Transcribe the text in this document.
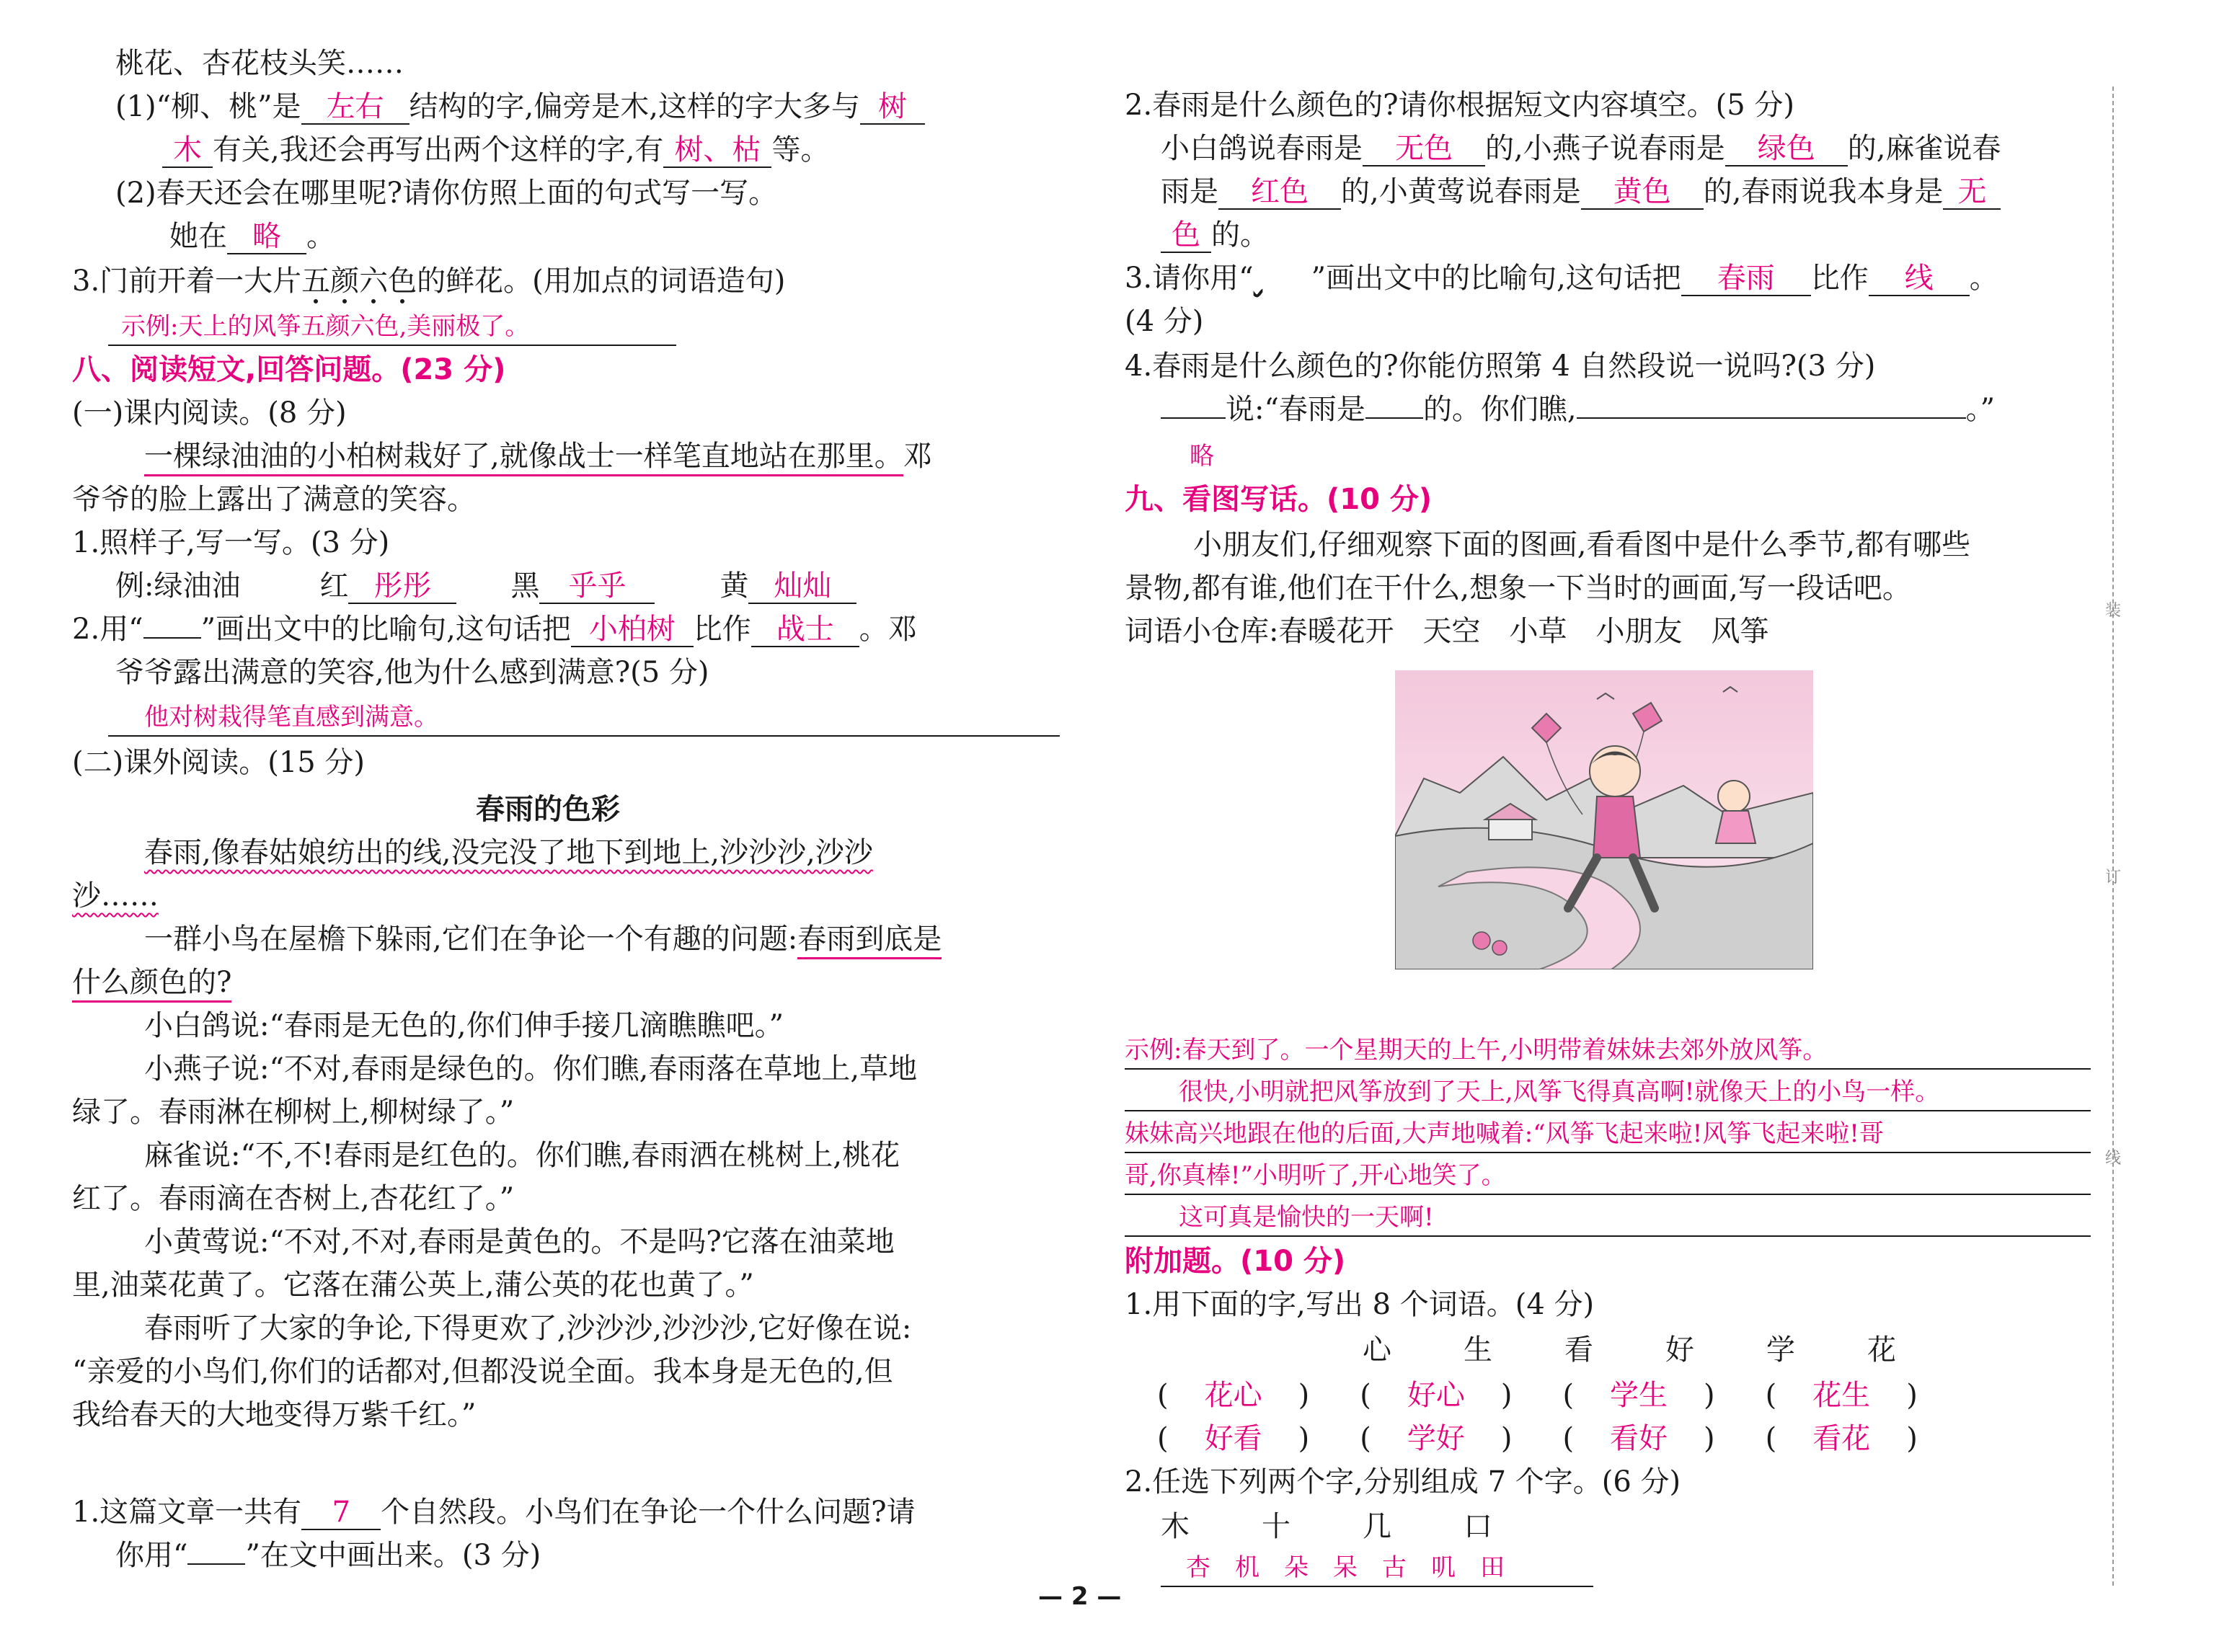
桃花、杏花枝头笑……
(1)“柳、桃”是 左右 结构的字,偏旁是木,这样的字大多与 树
木 有关,我还会再写出两个这样的字,有 树、枯 等。
(2)春天还会在哪里呢?请你仿照上面的句式写一写。
她在 略 。
3.门前开着一大片五颜六色的鲜花。(用加点的词语造句)
示例:天上的风筝五颜六色,美丽极了。
八、阅读短文,回答问题。(23 分)
(一)课内阅读。(8 分)
一棵绿油油的小柏树栽好了,就像战士一样笔直地站在那里。邓
爷爷的脸上露出了满意的笑容。
1.照样子,写一写。(3 分)
例:绿油油	红 彤彤	黑 乎乎	黄 灿灿
2.用“ ”画出文中的比喻句,这句话把 小柏树 比作 战士 。邓
爷爷露出满意的笑容,他为什么感到满意?(5 分)
他对树栽得笔直感到满意。
(二)课外阅读。(15 分)
春雨的色彩
春雨,像春姑娘纺出的线,没完没了地下到地上,沙沙沙,沙沙
沙……
一群小鸟在屋檐下躲雨,它们在争论一个有趣的问题:春雨到底是
什么颜色的?
小白鸽说:“春雨是无色的,你们伸手接几滴瞧瞧吧。”
小燕子说:“不对,春雨是绿色的。你们瞧,春雨落在草地上,草地
绿了。春雨淋在柳树上,柳树绿了。”
麻雀说:“不,不!春雨是红色的。你们瞧,春雨洒在桃树上,桃花
红了。春雨滴在杏树上,杏花红了。”
小黄莺说:“不对,不对,春雨是黄色的。不是吗?它落在油菜地
里,油菜花黄了。它落在蒲公英上,蒲公英的花也黄了。”
春雨听了大家的争论,下得更欢了,沙沙沙,沙沙沙,它好像在说:
“亲爱的小鸟们,你们的话都对,但都没说全面。我本身是无色的,但
我给春天的大地变得万紫千红。”
1.这篇文章一共有 7 个自然段。小鸟们在争论一个什么问题?请
你用“ ”在文中画出来。(3 分)
2.春雨是什么颜色的?请你根据短文内容填空。(5 分)
小白鸽说春雨是 无色 的,小燕子说春雨是 绿色 的,麻雀说春
雨是 红色 的,小黄莺说春雨是 黄色 的,春雨说我本身是 无
色 的。
3.请你用“ ”画出文中的比喻句,这句话把 春雨 比作 线 。
(4 分)
4.春雨是什么颜色的?你能仿照第 4 自然段说一说吗?(3 分)
说:“春雨是 的。你们瞧,	。”
略
九、看图写话。(10 分)
小朋友们,仔细观察下面的图画,看看图中是什么季节,都有哪些
景物,都有谁,他们在干什么,想象一下当时的画面,写一段话吧。
词语小仓库:春暖花开　天空　小草　小朋友　风筝
示例:春天到了。一个星期天的上午,小明带着妹妹去郊外放风筝。
很快,小明就把风筝放到了天上,风筝飞得真高啊!就像天上的小鸟一样。
妹妹高兴地跟在他的后面,大声地喊着:“风筝飞起来啦!风筝飞起来啦!哥
哥,你真棒!”小明听了,开心地笑了。
这可真是愉快的一天啊!
附加题。(10 分)
1.用下面的字,写出 8 个词语。(4 分)
心	生	看	好	学	花
( 花心 ) ( 好心 ) ( 学生 ) ( 花生 )
( 好看 ) ( 学好 ) ( 看好 ) ( 看花 )
2.任选下列两个字,分别组成 7 个字。(6 分)
木	十	几	口
杏　机　朵　呆　古　叽　田
装
订
线
— 2 —
